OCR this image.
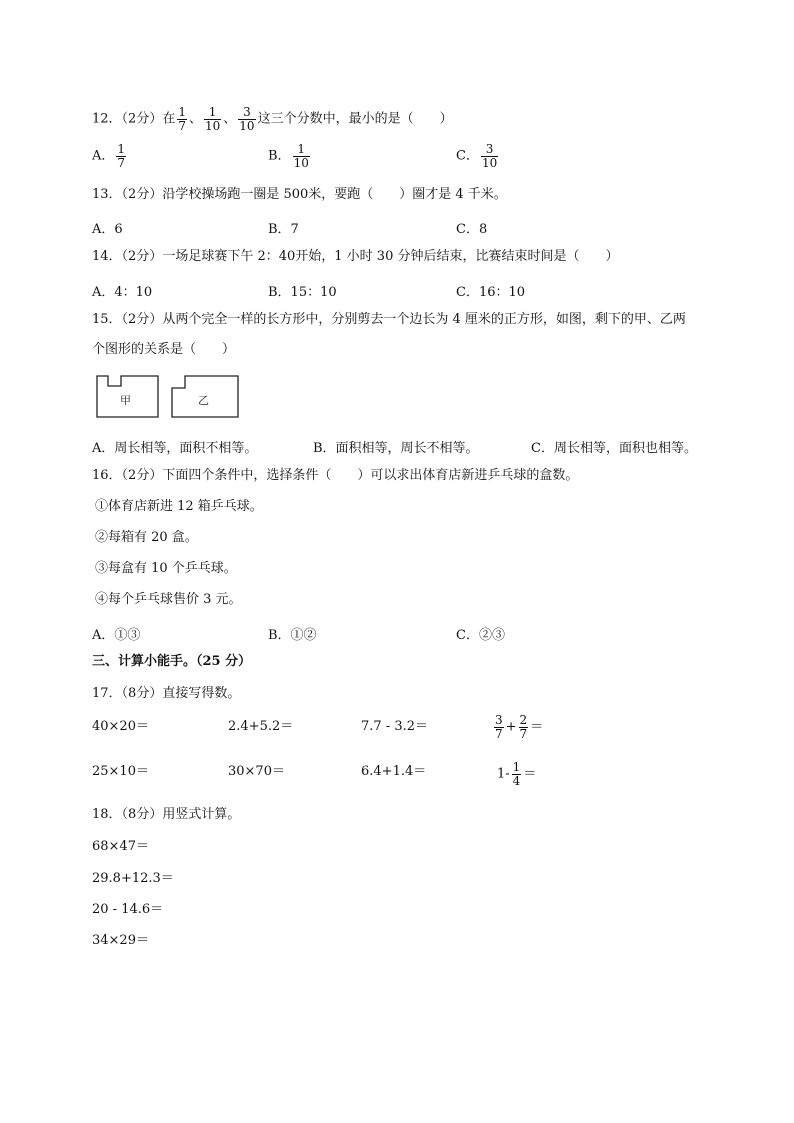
12．（2分）在 $\frac{1}{7}$ 、 $\frac{1}{10}$ 、 $\frac{3}{10}$ 这三个分数中，最小的是（　　）
A． $\frac{1}{7}$	B． $\frac{1}{10}$	C． $\frac{3}{10}$
13．（2分）沿学校操场跑一圈是 500米，要跑（　　）圈才是 4 千米。
A．6	B．7	C．8
14．（2分）一场足球赛下午 2：40开始，1 小时 30 分钟后结束，比赛结束时间是（　　）
A．4：10	B．15：10	C．16：10
15．（2分）从两个完全一样的长方形中，分别剪去一个边长为 4 厘米的正方形，如图，剩下的甲、乙两
个图形的关系是（　　）
甲	乙
A．周长相等，面积不相等。	B．面积相等，周长不相等。	C．周长相等，面积也相等。
16．（2分）下面四个条件中，选择条件（　　）可以求出体育店新进乒乓球的盒数。
①体育店新进 12 箱乒乓球。
②每箱有 20 盒。
③每盒有 10 个乒乓球。
④每个乒乓球售价 3 元。
A．①③	B．①②	C．②③
三、计算小能手。（25 分）
17．（8分）直接写得数。
40×20＝	2.4+5.2＝	7.7 - 3.2＝	$\frac{3}{7} + \frac{2}{7}$ ＝
25×10＝	30×70＝	6.4+1.4＝	$1- \frac{1}{4}$ ＝
18．（8分）用竖式计算。
68×47＝
29.8+12.3＝
20 - 14.6＝
34×29＝
